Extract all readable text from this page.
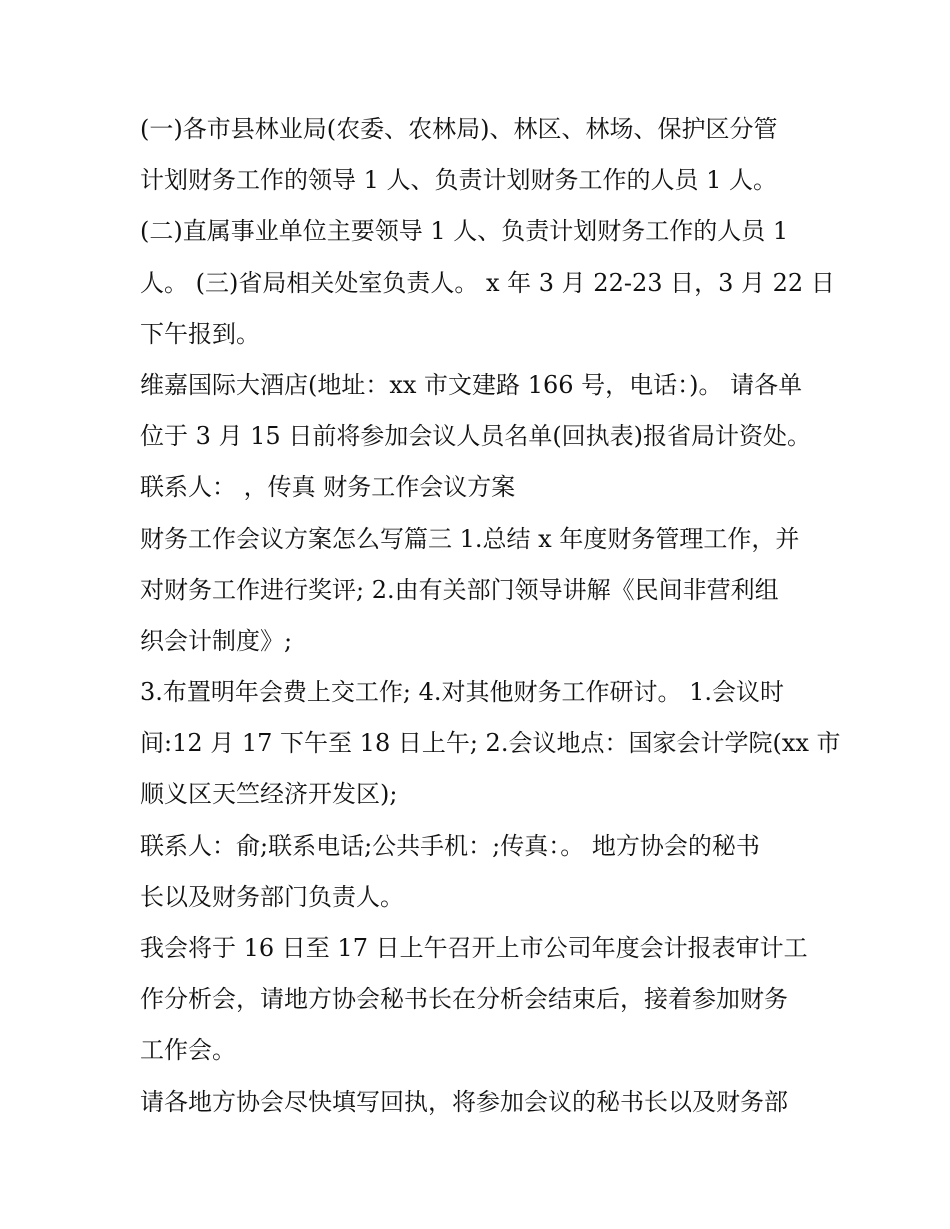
(一)各市县林业局(农委、农林局)、林区、林场、保护区分管
计划财务工作的领导 1 人、负责计划财务工作的人员 1 人。
(二)直属事业单位主要领导 1 人、负责计划财务工作的人员 1
人。 (三)省局相关处室负责人。 x 年 3 月 22-23 日，3 月 22 日
下午报到。
维嘉国际大酒店(地址：xx 市文建路 166 号，电话：)。 请各单
位于 3 月 15 日前将参加会议人员名单(回执表)报省局计资处。
联系人： ，传真 财务工作会议方案
财务工作会议方案怎么写篇三 1.总结 x 年度财务管理工作，并
对财务工作进行奖评; 2.由有关部门领导讲解《民间非营利组
织会计制度》;
3.布置明年会费上交工作; 4.对其他财务工作研讨。 1.会议时
间:12 月 17 下午至 18 日上午; 2.会议地点：国家会计学院(xx 市
顺义区天竺经济开发区);
联系人：俞;联系电话;公共手机：;传真：。 地方协会的秘书
长以及财务部门负责人。
我会将于 16 日至 17 日上午召开上市公司年度会计报表审计工
作分析会，请地方协会秘书长在分析会结束后，接着参加财务
工作会。
请各地方协会尽快填写回执，将参加会议的秘书长以及财务部
